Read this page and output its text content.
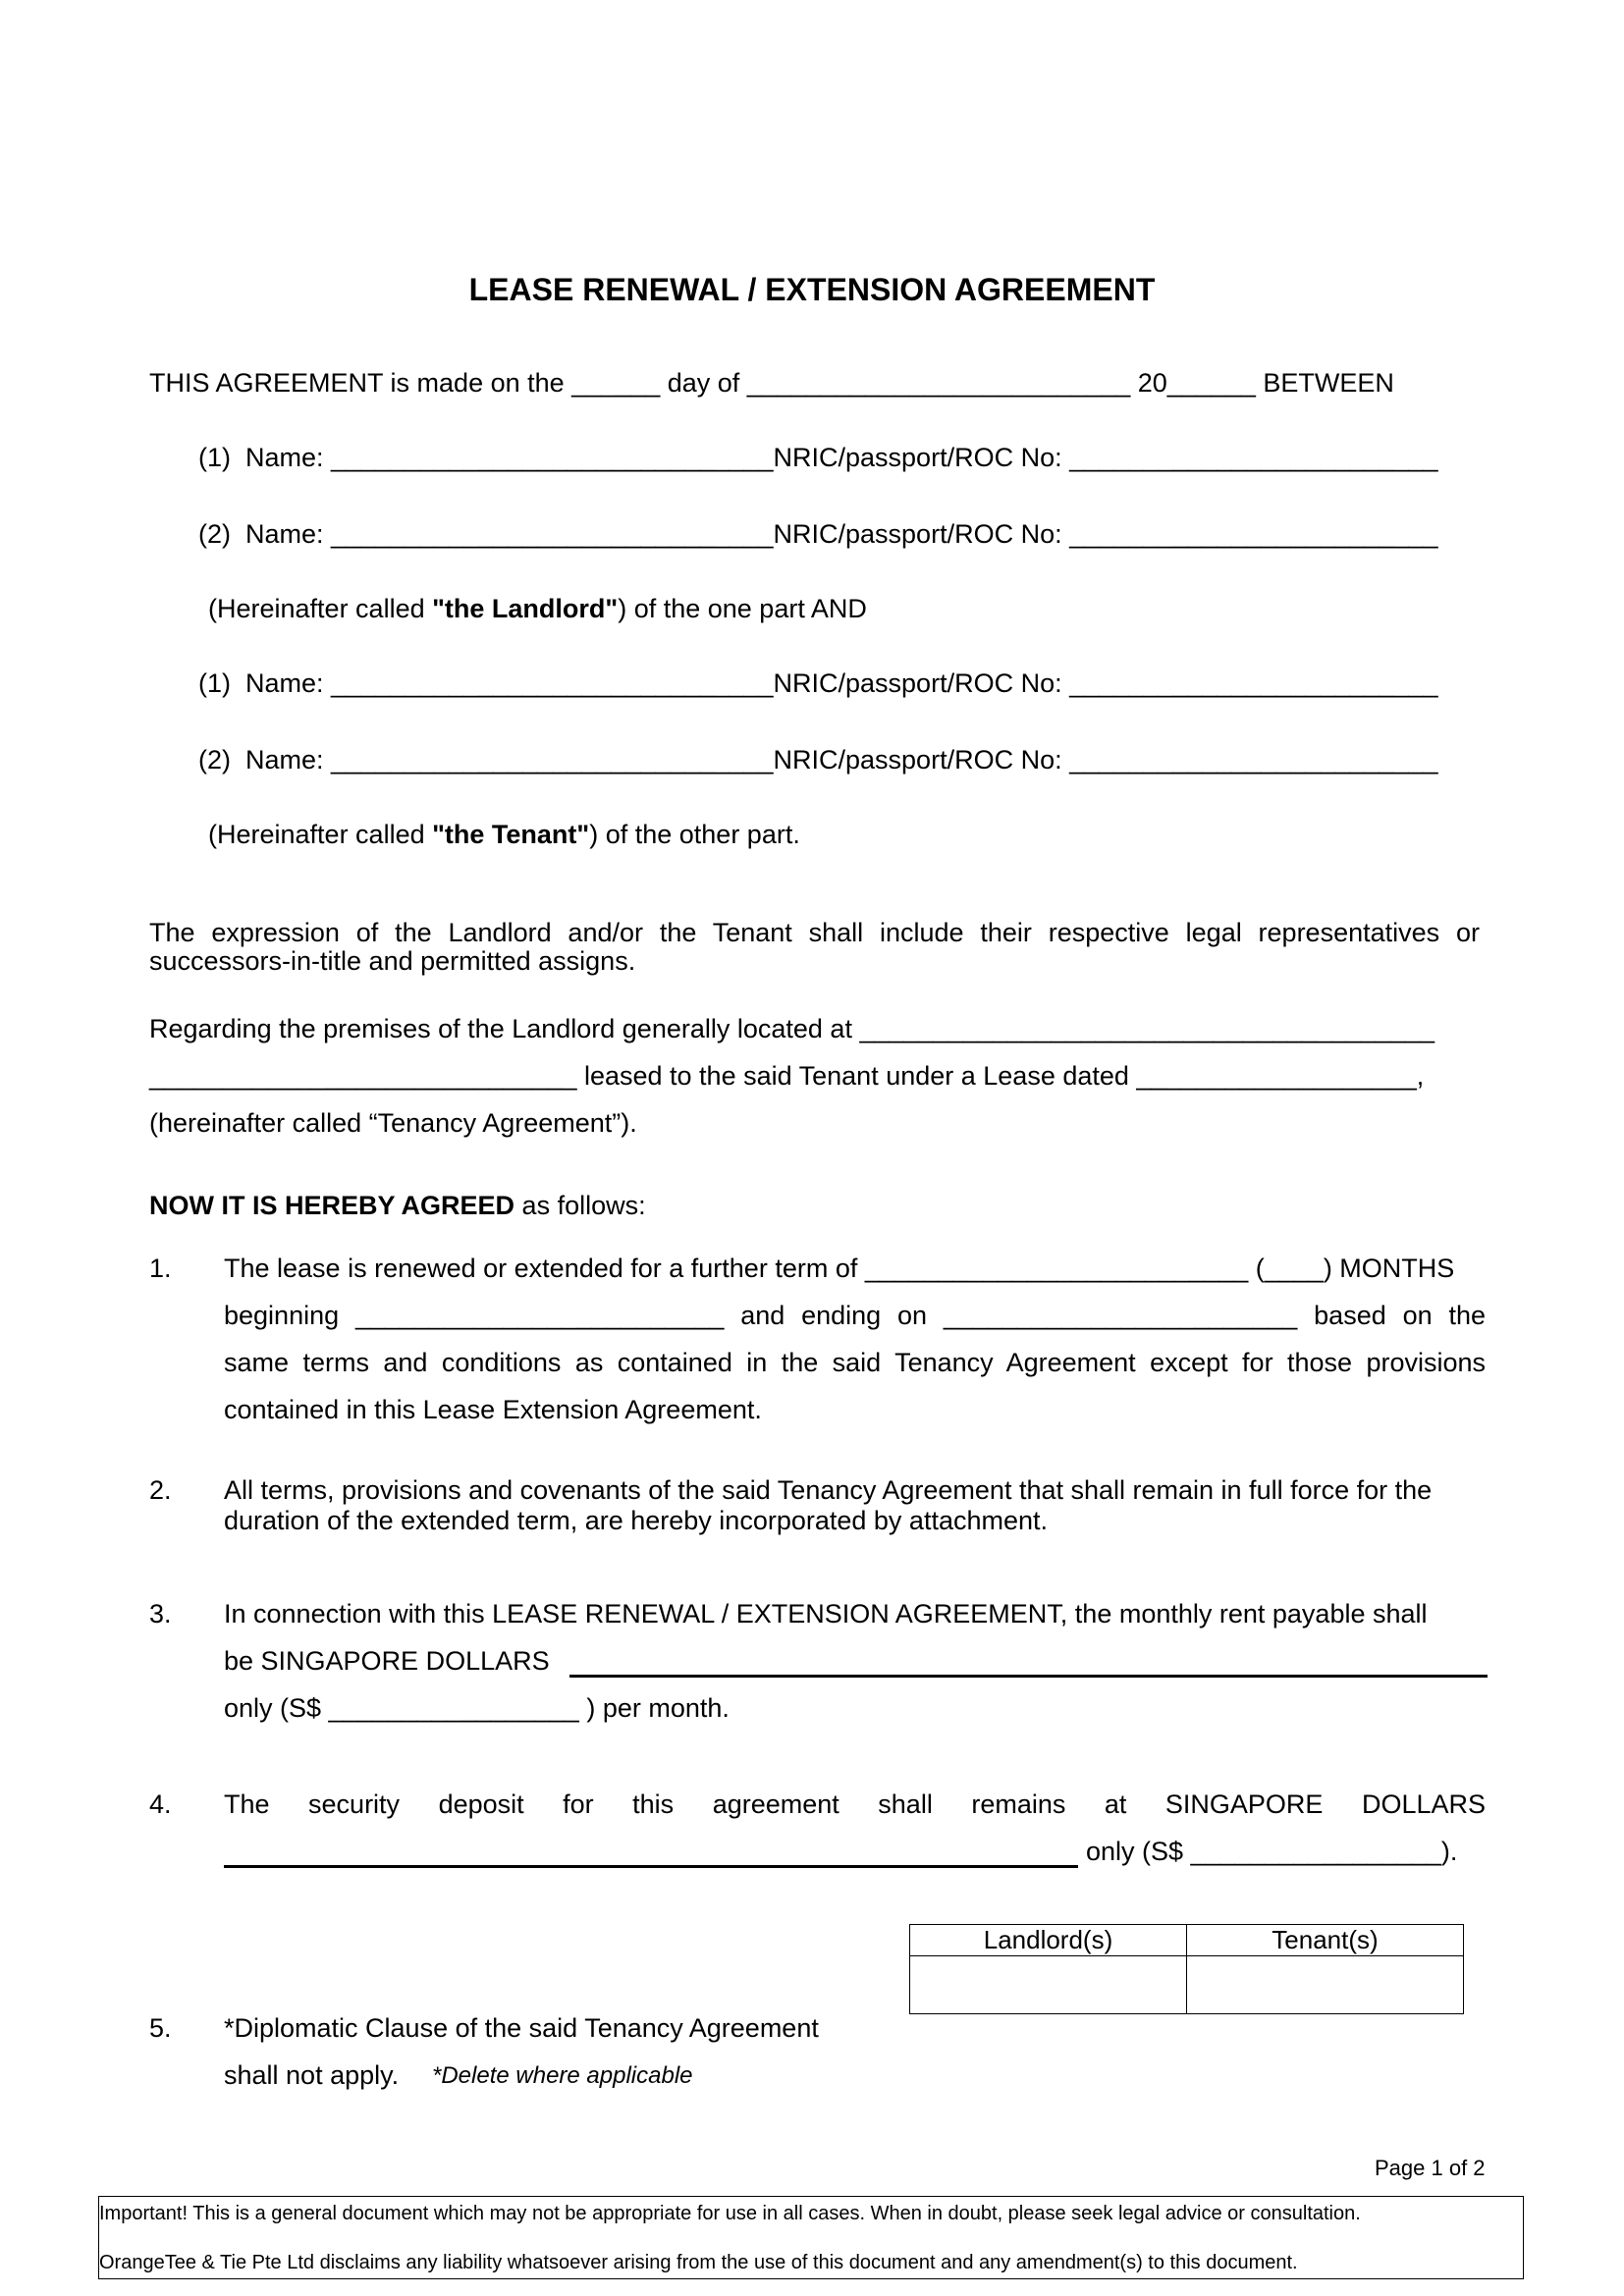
LEASE RENEWAL / EXTENSION AGREEMENT
THIS AGREEMENT is made on the ______ day of __________________________ 20______ BETWEEN
(1)  Name: ______________________________NRIC/passport/ROC No: _________________________
(2)  Name: ______________________________NRIC/passport/ROC No: _________________________
(Hereinafter called "the Landlord") of the one part AND
(1)  Name: ______________________________NRIC/passport/ROC No: _________________________
(2)  Name: ______________________________NRIC/passport/ROC No: _________________________
(Hereinafter called "the Tenant") of the other part.
The expression of the Landlord and/or the Tenant shall include their respective legal representatives or
successors-in-title and permitted assigns.
Regarding the premises of the Landlord generally located at _______________________________________
_____________________________ leased to the said Tenant under a Lease dated ___________________,
(hereinafter called “Tenancy Agreement”).
NOW IT IS HEREBY AGREED as follows:
1. The lease is renewed or extended for a further term of __________________________ (____) MONTHS
beginning _________________________ and ending on ________________________ based on the
same terms and conditions as contained in the said Tenancy Agreement except for those provisions
contained in this Lease Extension Agreement.
2. All terms, provisions and covenants of the said Tenancy Agreement that shall remain in full force for the
duration of the extended term, are hereby incorporated by attachment.
3. In connection with this LEASE RENEWAL / EXTENSION AGREEMENT, the monthly rent payable shall
be SINGAPORE DOLLARS
only (S$ _________________ ) per month.
4. The security deposit for this agreement shall remains at SINGAPORE DOLLARS
only (S$ _________________).
Landlord(s)	Tenant(s)
5. *Diplomatic Clause of the said Tenancy Agreement
shall not apply. *Delete where applicable
Page 1 of 2
Important! This is a general document which may not be appropriate for use in all cases. When in doubt, please seek legal advice or consultation.
OrangeTee & Tie Pte Ltd disclaims any liability whatsoever arising from the use of this document and any amendment(s) to this document.
